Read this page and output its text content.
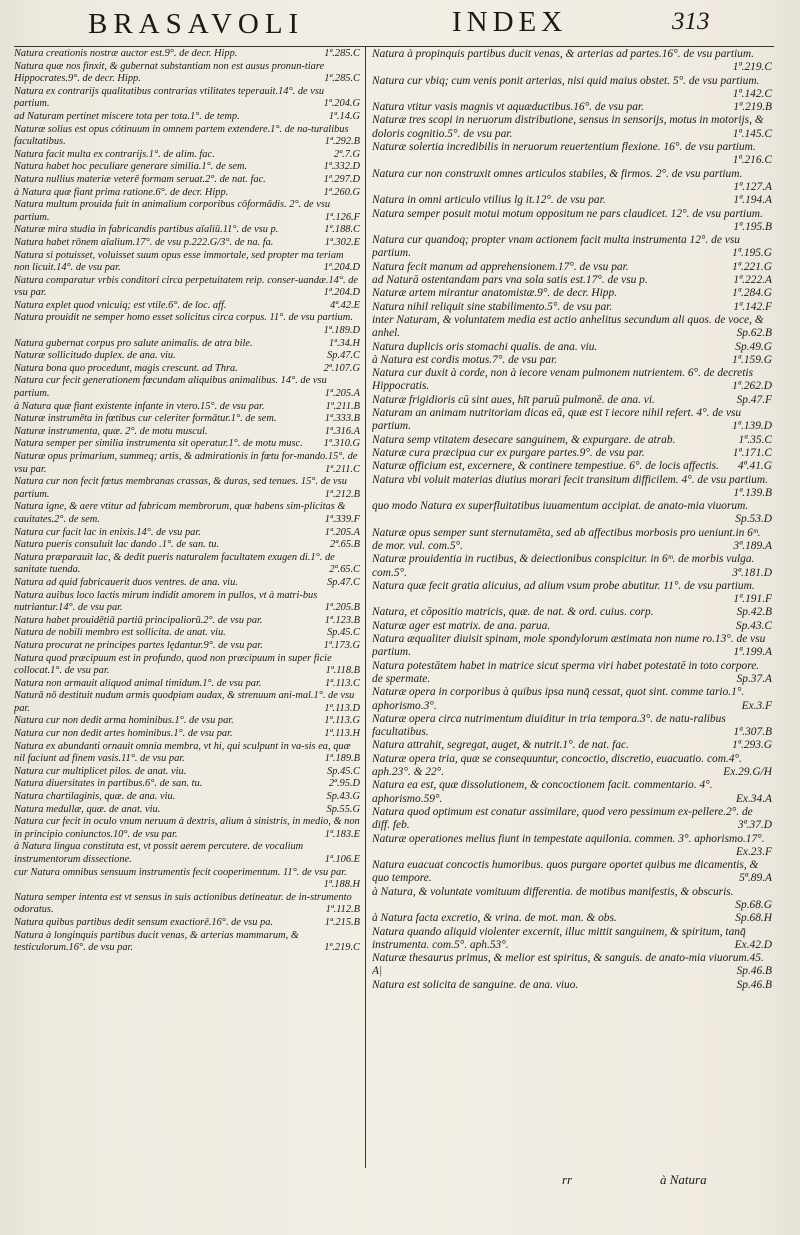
BRASAVOLI	INDEX	313

Natura creationis nostræ auctor est.9°. de decr. Hipp.	1ª.285.C

Natura quæ nos finxit, & gubernat substantiam non est ausus pronun-tiare Hippocrates.9°. de decr. Hipp.	1ª.285.C

Natura ex contrarijs qualitatibus contrarias vtilitates teperauit.14°. de vsu partium.	1ª.204.G

ad Naturam pertinet miscere tota per tota.1°. de temp.	1ª.14.G

Naturæ solius est opus cótinuum in omnem partem extendere.1°. de na-turalibus facultatibus.	1ª.292.B

Natura facit multa ex contrarijs.1°. de alim. fac.	2ª.7.G

Natura habet hoc peculiare generare similia.1°. de sem.	1ª.332.D

Natura nullius materiæ veterē formam seruat.2°. de nat. fac.	1ª.297.D

à Natura quæ fiant prima ratione.6°. de decr. Hipp.	1ª.260.G

Natura multum prouida fuit in animalium corporibus cōformādis. 2°. de vsu partium.	1ª.126.F

Naturæ mira studia in fabricandis partibus aīaliū.11°. de vsu p.	1ª.188.C

Natura habet rōnem aīalium.17°. de vsu p.222.G/3°. de na. fa.	1ª.302.E

Natura si potuisset, voluisset suum opus esse immortale, sed propter ma teriam non licuit.14°. de vsu par.	1ª.204.D

Natura comparatur vrbis conditori circa perpetuitatem reip. conser-uandæ.14°. de vsu par.	1ª.204.D

Natura explet quod vnicuiq; est vtile.6°. de loc. aff.	4ª.42.E

Natura prouidit ne semper homo esset solicitus circa corpus. 11°. de vsu partium.
1ª.189.D

Natura gubernat corpus pro salute animalis. de atra bile.	1ª.34.H

Naturæ sollicitudo duplex. de ana. viu.	Sp.47.C

Natura bona quo procedunt, magis crescunt. ad Thra.	2ª.107.G

Natura cur fecit generationem fœcundam aliquibus animalibus. 14°. de vsu partium.	1ª.205.A

à Natura quæ fiant existente infante in vtero.15°. de vsu par.	1ª.211.B

Naturæ instrumēta in fœtibus cur celeriter formātur.1°. de sem.	1ª.333.B

Naturæ instrumenta, quæ. 2°. de motu muscul.	1ª.316.A

Natura semper per similia instrumenta sit operatur.1°. de motu musc.	1ª.310.G

Naturæ opus primarium, summeq; artis, & admirationis in fœtu for-mando.15°. de vsu par.	1ª.211.C

Natura cur non fecit fœtus membranas crassas, & duras, sed tenues. 15°. de vsu partium.	1ª.212.B

Natura igne, & aere vtitur ad fabricam membrorum, quæ habens sim-plicitas & cauitates.2°. de sem.	1ª.339.F

Natura cur facit lac in enixis.14°. de vsu par.	1ª.205.A

Natura pueris consuluit lac dando .1°. de san. tu.	2ª.65.B

Natura præparauit lac, & dedit pueris naturalem facultatem exugen di.1°. de sanitate tuenda.	2ª.65.C

Natura ad quid fabricauerit duos ventres. de ana. viu.	Sp.47.C

Natura auibus loco lactis mirum indidit amorem in pullos, vt à matri-bus nutriantur.14°. de vsu par.	1ª.205.B

Natura habet prouidētiā partiū principaliorū.2°. de vsu par.	1ª.123.B

Natura de nobili membro est sollicita. de anat. viu.	Sp.45.C

Natura procurat ne principes partes lędantur.9°. de vsu par.	1ª.173.G

Natura quod præcipuum est in profundo, quod non præcipuum in super ficie collocat.1°. de vsu par.	1ª.118.B

Natura non armauit aliquod animal timidum.1°. de vsu par.	1ª.113.C

Naturā nō destituit nudum armis quodpiam audax, & strenuum ani-mal.1°. de vsu par.	1ª.113.D

Natura cur non dedit arma hominibus.1°. de vsu par.	1ª.113.G

Natura cur non dedit artes hominibus.1°. de vsu par.	1ª.113.H

Natura ex abundanti ornauit omnia membra, vt hi, qui sculpunt in va-sis ea, quæ nil faciunt ad finem vasis.11°. de vsu par.	1ª.189.B

Natura cur multiplicet pilos. de anat. viu.	Sp.45.C

Natura diuersitates in partibus.6°. de san. tu.	2ª.95.D

Natura chartilaginis, quæ. de ana. viu.	Sp.43.G

Natura medullæ, quæ. de anat. viu.	Sp.55.G

Natura cur fecit in oculo vnum neruum à dextris, alium à sinistris, in medio, & non in principio coniunctos.10°. de vsu par.	1ª.183.E

à Natura lingua constituta est, vt possit aerem percutere. de vocalium instrumentorum dissectione.	1ª.106.E

cur Natura omnibus sensuum instrumentis fecit cooperimentum. 11°. de vsu par.
1ª.188.H

Natura semper intenta est vt sensus in suis actionibus detineatur. de in-strumento odoratus.	1ª.112.B

Natura quibus partibus dedit sensum exactiorē.16°. de vsu pa.	1ª.215.B

Natura à longinquis partibus ducit venas, & arterias mammarum, & testiculorum.16°. de vsu par.	1ª.219.C

Natura à propinquis partibus ducit venas, & arterias ad partes.16°. de vsu partium.
1ª.219.C

Natura cur vbiq; cum venis ponit arterias, nisi quid maius obstet. 5°. de vsu partium.
1ª.142.C

Natura vtitur vasis magnis vt aquæductibus.16°. de vsu par.	1ª.219.B

Naturæ tres scopi in neruorum distributione, sensus in sensorijs, motus in motorijs, & doloris cognitio.5°. de vsu par.	1ª.145.C

Naturæ solertia incredibilis in neruorum reuertentium flexione. 16°. de vsu partium.
1ª.216.C

Natura cur non construxit omnes articulos stabiles, & firmos. 2°. de vsu partium.
1ª.127.A

Natura in omni articulo vtilius lg it.12°. de vsu par.	1ª.194.A

Natura semper posuit motui motum oppositum ne pars claudicet. 12°. de vsu partium.
1ª.195.B

Natura cur quandoq; propter vnam actionem facit multa instrumenta 12°. de vsu partium.	1ª.195.G

Natura fecit manum ad apprehensionem.17°. de vsu par.	1ª.221.G

ad Naturā ostentandam pars vna sola satis est.17°. de vsu p.	1ª.222.A

Naturæ artem mirantur anatomistæ.9°. de decr. Hipp.	1ª.284.G

Natura nihil reliquit sine stabilimento.5°. de vsu par.	1ª.142.F

inter Naturam, & voluntatem media est actio anhelitus secundum ali quos. de voce, & anhel.	Sp.62.B

Natura duplicis oris stomachi qualis. de ana. viu.	Sp.49.G

à Natura est cordis motus.7°. de vsu par.	1ª.159.G

Natura cur duxit à corde, non à iecore venam pulmonem nutrientem. 6°. de decretis Hippocratis.	1ª.262.D

Naturæ frigidioris cū sint aues, hīt paruū pulmonē. de ana. vi.	Sp.47.F

Naturam an animam nutritoriam dicas eā, quæ est ī iecore nihil refert. 4°. de vsu partium.	1ª.139.D

Natura semp vtitatem desecare sanguinem, & expurgare. de atrab.	1ª.35.C

Naturæ cura præcipua cur ex purgare partes.9°. de vsu par.	1ª.171.C

Naturæ officium est, excernere, & continere tempestiue. 6°. de locis affectis.	4ª.41.G

Natura vbi voluit materias diutius morari fecit transitum difficilem. 4°. de vsu partium.
1ª.139.B

quo modo Natura ex superfluitatibus iuuamentum accipiat. de anato-mia viuorum.
Sp.53.D

Naturæ opus semper sunt sternutamēta, sed ab affectibus morbosis pro ueniunt.in 6ᵐ. de mor. vul. com.5°.	3ª.189.A

Naturæ prouidentia in ructibus, & deiectionibus conspicitur. in 6ᵐ. de morbis vulga. com.5°.	3ª.181.D

Natura quæ fecit gratia alicuius, ad alium vsum probe abutitur. 11°. de vsu partium.
1ª.191.F

Natura, et cōpositio matricis, quæ. de nat. & ord. cuius. corp.	Sp.42.B

Naturæ ager est matrix. de ana. parua.	Sp.43.C

Natura æqualiter diuisit spinam, mole spondylorum æstimata non nume ro.13°. de vsu partium.	1ª.199.A

Natura potestātem habet in matrice sicut sperma viri habet potestatē in toto corpore. de spermate.	Sp.37.A

Naturæ opera in corporibus à quibus ipsa nunq̄ cessat, quot sint. comme tario.1°. aphorismo.3°.	Ex.3.F

Naturæ opera circa nutrimentum diuiditur in tria tempora.3°. de natu-ralibus facultatibus.	1ª.307.B

Natura attrahit, segregat, auget, & nutrit.1°. de nat. fac.	1ª.293.G

Naturæ opera tria, quæ se consequuntur, concoctio, discretio, euacuatio. com.4°. aph.23°. & 22°.	Ex.29.G/H

Natura ea est, quæ dissolutionem, & concoctionem facit. commentario. 4°. aphorismo.59°.	Ex.34.A

Natura quod optimum est conatur assimilare, quod vero pessimum ex-pellere.2°. de diff. feb.	3ª.37.D

Naturæ operationes melius fiunt in tempestate aquilonia. commen. 3°. aphorismo.17°.
Ex.23.F

Natura euacuat concoctis humoribus. quos purgare oportet quibus me dicamentis, & quo tempore.	5ª.89.A

à Natura, & voluntate vomituum differentia. de motibus manifestis, & obscuris.
Sp.68.G

à Natura facta excretio, & vrina. de mot. man. & obs.	Sp.68.H

Natura quando aliquid violenter excernit, illuc mittit sanguinem, & spiritum, tanq̄ instrumenta. com.5°. aph.53°.	Ex.42.D

Naturæ thesaurus primus, & melior est spiritus, & sanguis. de anato-mia viuorum.45. A|	Sp.46.B

Natura est solicita de sanguine. de ana. viuo.	Sp.46.B

rr	à Natura
